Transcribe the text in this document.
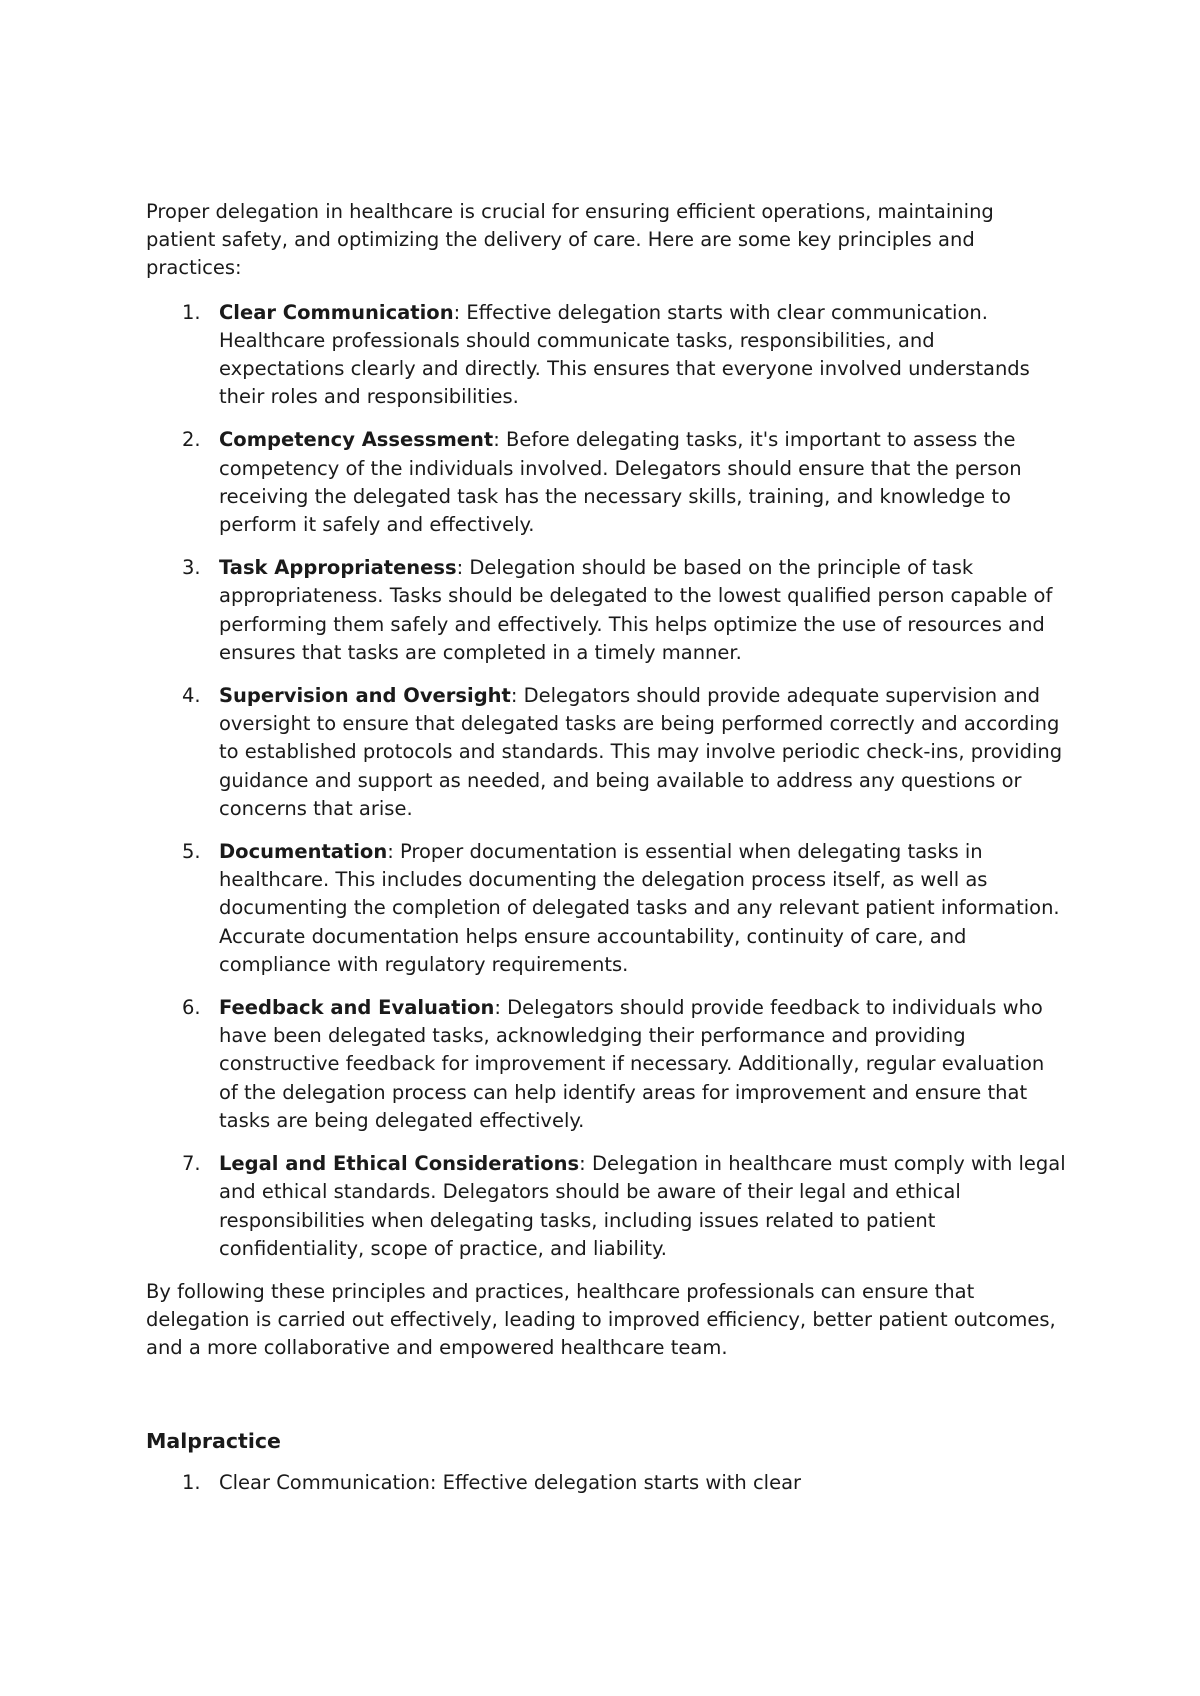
Proper delegation in healthcare is crucial for ensuring efficient operations, maintaining patient safety, and optimizing the delivery of care. Here are some key principles and practices:

1. Clear Communication: Effective delegation starts with clear communication. Healthcare professionals should communicate tasks, responsibilities, and expectations clearly and directly. This ensures that everyone involved understands their roles and responsibilities.
2. Competency Assessment: Before delegating tasks, it's important to assess the competency of the individuals involved. Delegators should ensure that the person receiving the delegated task has the necessary skills, training, and knowledge to perform it safely and effectively.
3. Task Appropriateness: Delegation should be based on the principle of task appropriateness. Tasks should be delegated to the lowest qualified person capable of performing them safely and effectively. This helps optimize the use of resources and ensures that tasks are completed in a timely manner.
4. Supervision and Oversight: Delegators should provide adequate supervision and oversight to ensure that delegated tasks are being performed correctly and according to established protocols and standards. This may involve periodic check-ins, providing guidance and support as needed, and being available to address any questions or concerns that arise.
5. Documentation: Proper documentation is essential when delegating tasks in healthcare. This includes documenting the delegation process itself, as well as documenting the completion of delegated tasks and any relevant patient information. Accurate documentation helps ensure accountability, continuity of care, and compliance with regulatory requirements.
6. Feedback and Evaluation: Delegators should provide feedback to individuals who have been delegated tasks, acknowledging their performance and providing constructive feedback for improvement if necessary. Additionally, regular evaluation of the delegation process can help identify areas for improvement and ensure that tasks are being delegated effectively.
7. Legal and Ethical Considerations: Delegation in healthcare must comply with legal and ethical standards. Delegators should be aware of their legal and ethical responsibilities when delegating tasks, including issues related to patient confidentiality, scope of practice, and liability.

By following these principles and practices, healthcare professionals can ensure that delegation is carried out effectively, leading to improved efficiency, better patient outcomes, and a more collaborative and empowered healthcare team.

Malpractice
1. Clear Communication: Effective delegation starts with clear
